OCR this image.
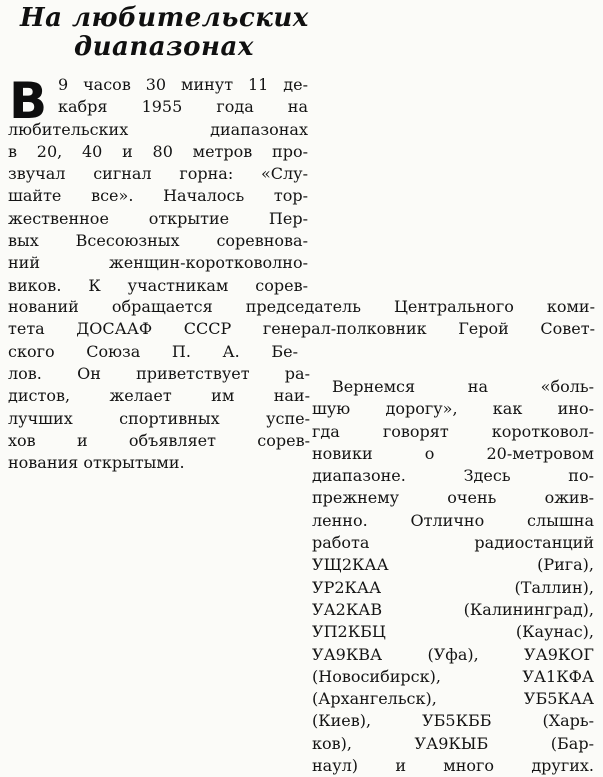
На любительских
диапазонах
В 9 часов 30 минут 11 де-
кабря 1955 года на
любительских диапазонах
в 20, 40 и 80 метров про-
звучал сигнал горна: «Слу-
шайте все». Началось тор-
жественное открытие Пер-
вых Всесоюзных соревнова-
ний женщин-коротковолно-
виков. К участникам сорев-
нований обращается председатель Центрального коми-
тета ДОСААФ СССР генерал-полковник Герой Совет-
ского Союза П. А. Бе-
лов. Он приветствует ра-
дистов, желает им наи-
лучших спортивных успе-
хов и объявляет сорев-
нования открытыми.
Вернемся на «боль-
шую дорогу», как ино-
гда говорят коротковол-
новики о 20-метровом
диапазоне. Здесь по-
прежнему очень ожив-
ленно. Отлично слышна
работа радиостанций
УЩ2КАА (Рига),
УР2КАА (Таллин),
УА2КАВ (Калининград),
УП2КБЦ (Каунас),
УА9КВА (Уфа), УА9КОГ
(Новосибирск), УА1КФА
(Архангельск), УБ5КАА
(Киев), УБ5КББ (Харь-
ков), УА9КЫБ (Бар-
наул) и много других.
